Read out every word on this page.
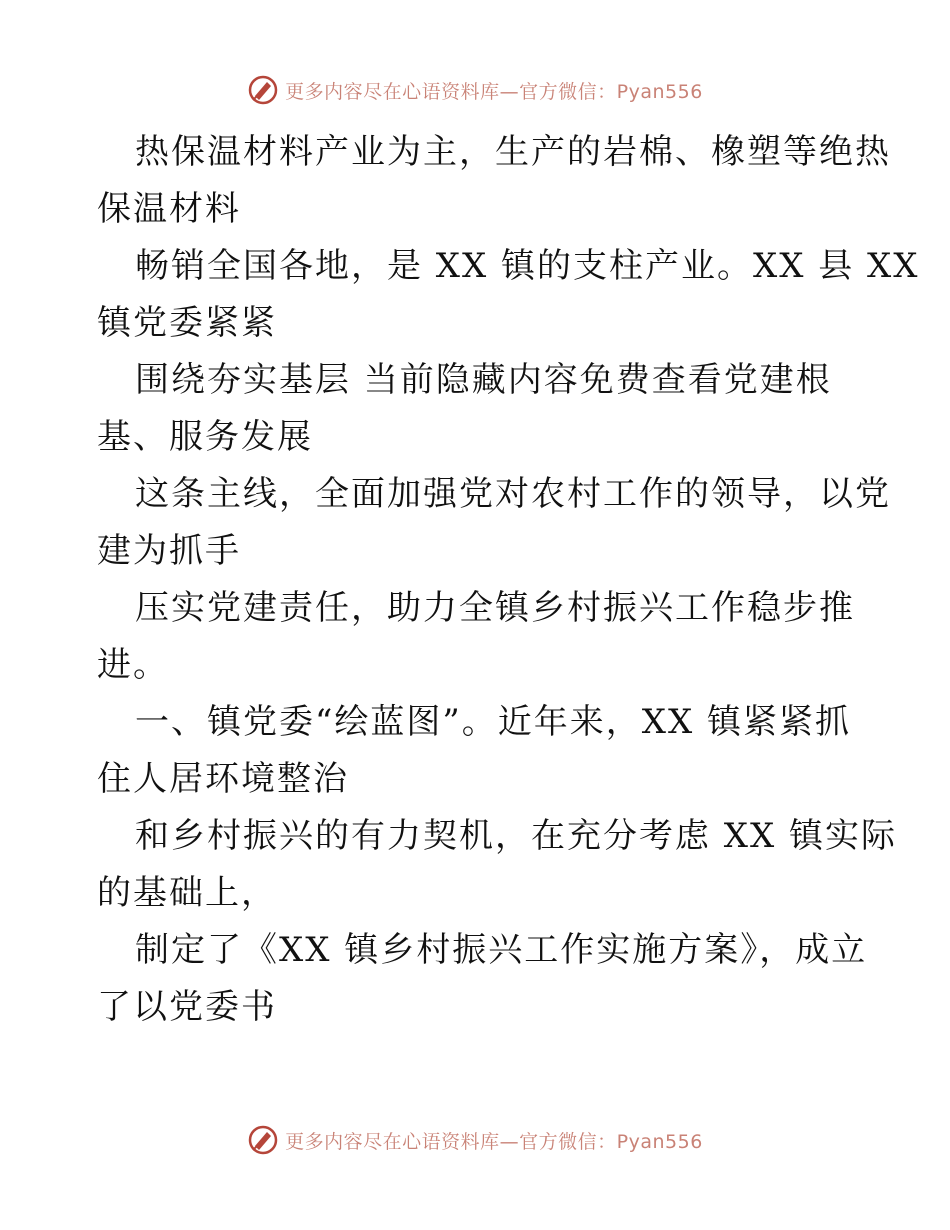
更多内容尽在心语资料库—官方微信：Pyan556

热保温材料产业为主，生产的岩棉、橡塑等绝热
保温材料

畅销全国各地，是 XX 镇的支柱产业。XX 县 XX
镇党委紧紧

围绕夯实基层 当前隐藏内容免费查看党建根
基、服务发展

这条主线，全面加强党对农村工作的领导，以党
建为抓手

压实党建责任，助力全镇乡村振兴工作稳步推
进。

一、镇党委“绘蓝图”。近年来，XX 镇紧紧抓
住人居环境整治

和乡村振兴的有力契机，在充分考虑 XX 镇实际
的基础上，

制定了《XX 镇乡村振兴工作实施方案》，成立
了以党委书

更多内容尽在心语资料库—官方微信：Pyan556
